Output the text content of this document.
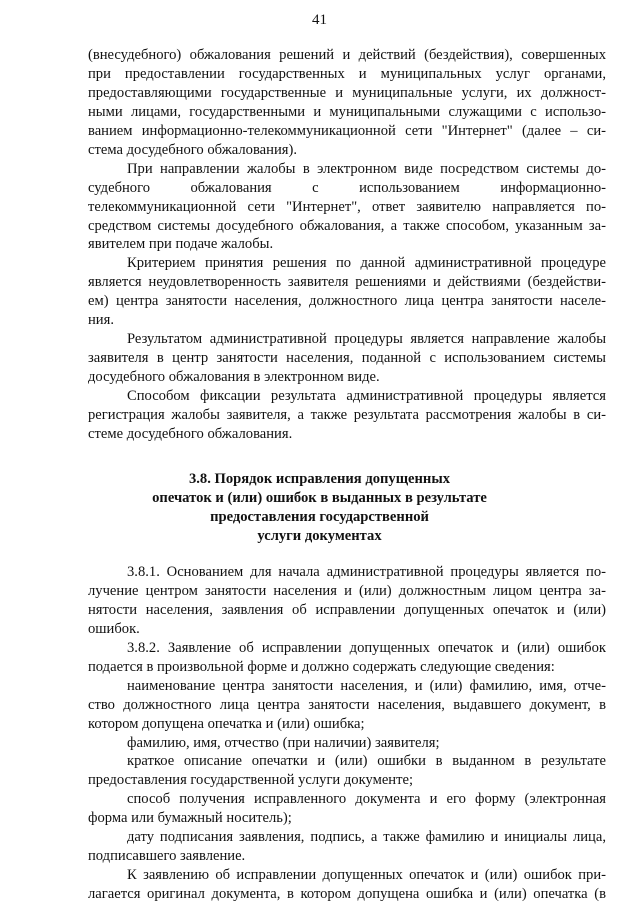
41
(внесудебного) обжалования решений и действий (бездействия), совершенных
при предоставлении государственных и муниципальных услуг органами,
предоставляющими государственные и муниципальные услуги, их должност-
ными лицами, государственными и муниципальными служащими с использо-
ванием информационно-телекоммуникационной сети "Интернет" (далее – си-
стема досудебного обжалования).
При направлении жалобы в электронном виде посредством системы до-
судебного обжалования с использованием информационно-
телекоммуникационной сети "Интернет", ответ заявителю направляется по-
средством системы досудебного обжалования, а также способом, указанным за-
явителем при подаче жалобы.
Критерием принятия решения по данной административной процедуре
является неудовлетворенность заявителя решениями и действиями (бездействи-
ем) центра занятости населения, должностного лица центра занятости населе-
ния.
Результатом административной процедуры является направление жалобы
заявителя в центр занятости населения, поданной с использованием системы
досудебного обжалования в электронном виде.
Способом фиксации результата административной процедуры является
регистрация жалобы заявителя, а также результата рассмотрения жалобы в си-
стеме досудебного обжалования.
3.8. Порядок исправления допущенных
опечаток и (или) ошибок в выданных в результате
предоставления государственной
услуги документах
3.8.1. Основанием для начала административной процедуры является по-
лучение центром занятости населения и (или) должностным лицом центра за-
нятости населения, заявления об исправлении допущенных опечаток и (или)
ошибок.
3.8.2. Заявление об исправлении допущенных опечаток и (или) ошибок
подается в произвольной форме и должно содержать следующие сведения:
наименование центра занятости населения, и (или) фамилию, имя, отче-
ство должностного лица центра занятости населения, выдавшего документ, в
котором допущена опечатка и (или) ошибка;
фамилию, имя, отчество (при наличии) заявителя;
краткое описание опечатки и (или) ошибки в выданном в результате
предоставления государственной услуги документе;
способ получения исправленного документа и его форму (электронная
форма или бумажный носитель);
дату подписания заявления, подпись, а также фамилию и инициалы лица,
подписавшего заявление.
К заявлению об исправлении допущенных опечаток и (или) ошибок при-
лагается оригинал документа, в котором допущена ошибка и (или) опечатка (в
